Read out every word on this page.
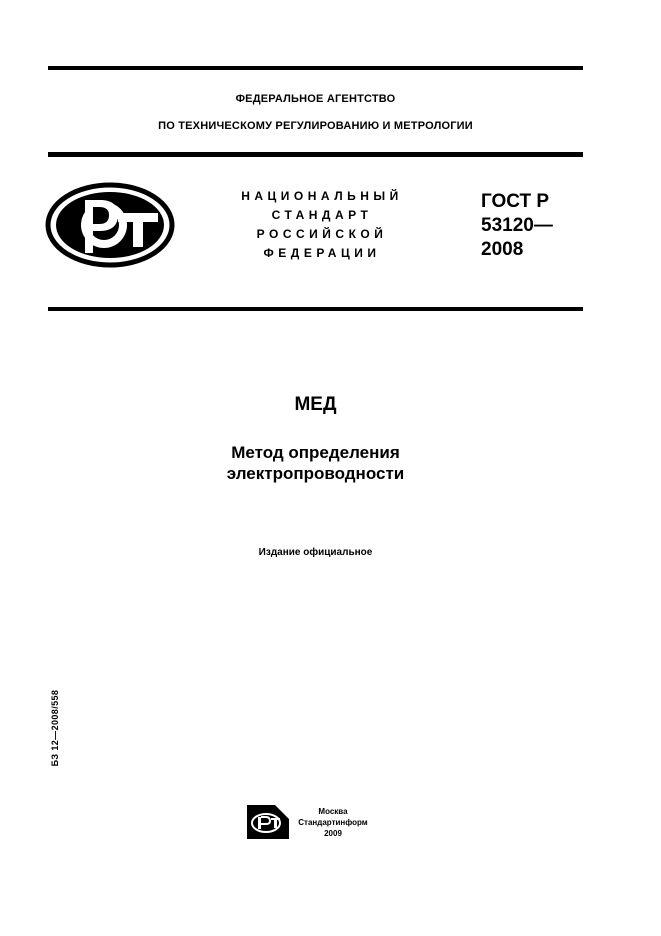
ФЕДЕРАЛЬНОЕ АГЕНТСТВО
ПО ТЕХНИЧЕСКОМУ РЕГУЛИРОВАНИЮ И МЕТРОЛОГИИ
НАЦИОНАЛЬНЫЙ
СТАНДАРТ
РОССИЙСКОЙ
ФЕДЕРАЦИИ
ГОСТ Р
53120—
2008
МЕД
Метод определения
электропроводности
Издание официальное
БЗ 12—2008/558
Москва
Стандартинформ
2009
